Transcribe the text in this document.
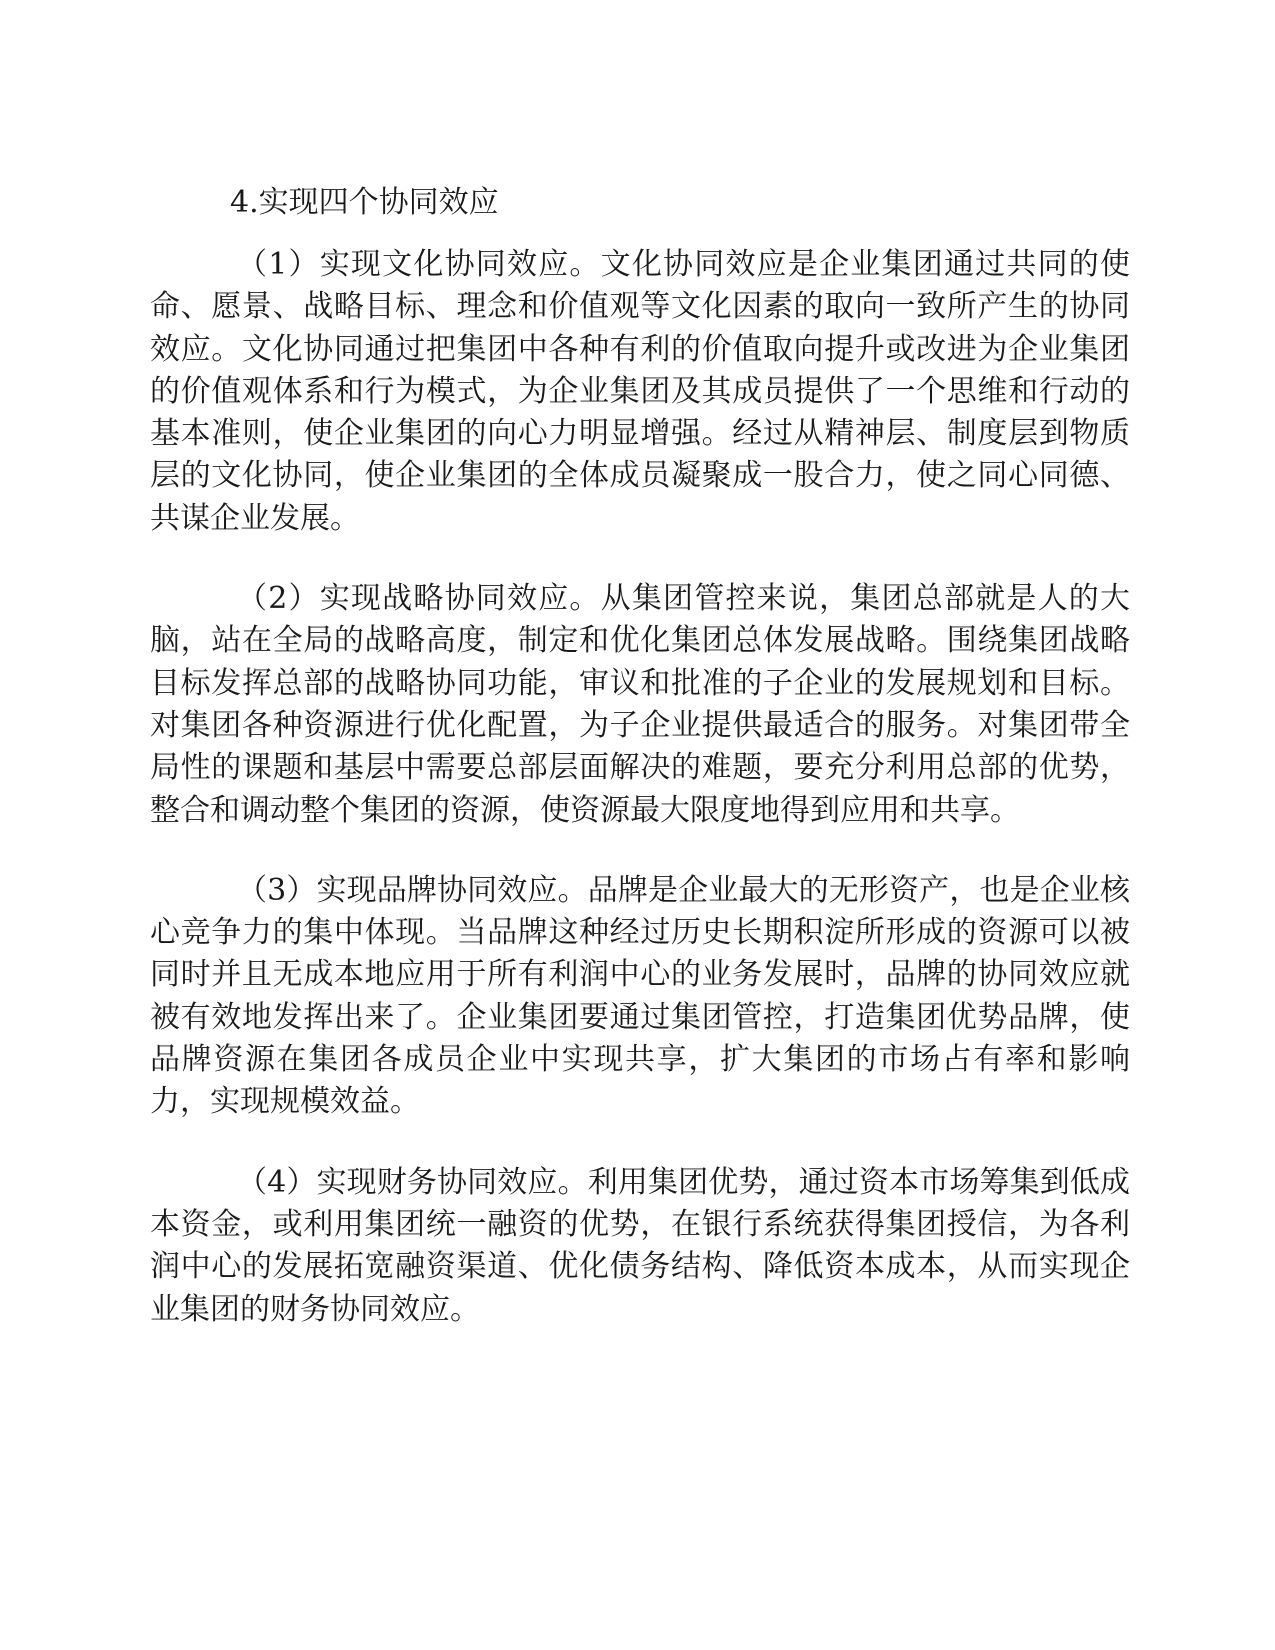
4.实现四个协同效应

（1）实现文化协同效应。文化协同效应是企业集团通过共同的使命、愿景、战略目标、理念和价值观等文化因素的取向一致所产生的协同效应。文化协同通过把集团中各种有利的价值取向提升或改进为企业集团的价值观体系和行为模式，为企业集团及其成员提供了一个思维和行动的基本准则，使企业集团的向心力明显增强。经过从精神层、制度层到物质层的文化协同，使企业集团的全体成员凝聚成一股合力，使之同心同德、共谋企业发展。

（2）实现战略协同效应。从集团管控来说，集团总部就是人的大脑，站在全局的战略高度，制定和优化集团总体发展战略。围绕集团战略目标发挥总部的战略协同功能，审议和批准的子企业的发展规划和目标。对集团各种资源进行优化配置，为子企业提供最适合的服务。对集团带全局性的课题和基层中需要总部层面解决的难题，要充分利用总部的优势，整合和调动整个集团的资源，使资源最大限度地得到应用和共享。

（3）实现品牌协同效应。品牌是企业最大的无形资产，也是企业核心竞争力的集中体现。当品牌这种经过历史长期积淀所形成的资源可以被同时并且无成本地应用于所有利润中心的业务发展时，品牌的协同效应就被有效地发挥出来了。企业集团要通过集团管控，打造集团优势品牌，使品牌资源在集团各成员企业中实现共享，扩大集团的市场占有率和影响力，实现规模效益。

（4）实现财务协同效应。利用集团优势，通过资本市场筹集到低成本资金，或利用集团统一融资的优势，在银行系统获得集团授信，为各利润中心的发展拓宽融资渠道、优化债务结构、降低资本成本，从而实现企业集团的财务协同效应。
